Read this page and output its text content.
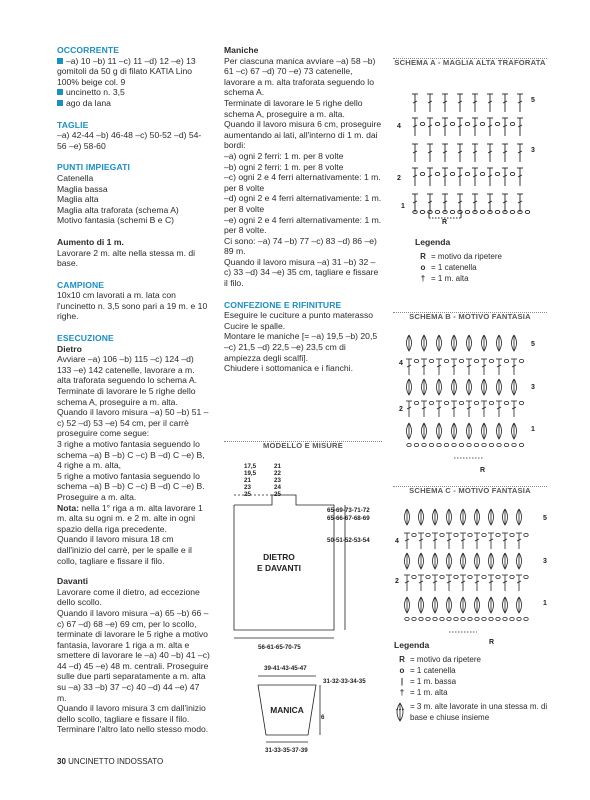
OCCORRENTE

–a) 10 –b) 11 –c) 11 –d) 12 –e) 13 gomitoli da 50 g di filato KATIA Lino 100% beige col. 9

uncinetto n. 3,5

ago da lana

TAGLIE

–a) 42-44 –b) 46-48 –c) 50-52 –d) 54-56 –e) 58-60

PUNTI IMPIEGATI

Catenella

Maglia bassa

Maglia alta

Maglia alta traforata (schema A)

Motivo fantasia (schemi B e C)

Aumento di 1 m.

Lavorare 2 m. alte nella stessa m. di base.

CAMPIONE

10x10 cm lavorati a m. lata con l'uncinetto n. 3,5 sono pari a 19 m. e 10 righe.

ESECUZIONE

Dietro

Avviare –a) 106 –b) 115 –c) 124 –d) 133 –e) 142 catenelle, lavorare a m. alta traforata seguendo lo schema A.

Terminate di lavorare le 5 righe dello schema A, proseguire a m. alta.

Quando il lavoro misura –a) 50 –b) 51 –c) 52 –d) 53 –e) 54 cm, per il carrè proseguire come segue:

3 righe a motivo fantasia seguendo lo schema –a) B –b) C –c) B –d) C –e) B,

4 righe a m. alta,

5 righe a motivo fantasia seguendo lo schema –a) B –b) C –c) B –d) C –e) B.

Proseguire a m. alta.

Nota: nella 1° riga a m. alta lavorare 1 m. alta su ogni m. e 2 m. alte in ogni spazio della riga precedente.

Quando il lavoro misura 18 cm dall'inizio del carrè, per le spalle e il collo, tagliare e fissare il filo.

Davanti

Lavorare come il dietro, ad eccezione dello scollo.

Quando il lavoro misura –a) 65 –b) 66 –c) 67 –d) 68 –e) 69 cm, per lo scollo, terminate di lavorare le 5 righe a motivo fantasia, lavorare 1 riga a m. alta e smettere di lavorare le –a) 40 –b) 41 –c) 44 –d) 45 –e) 48 m. centrali. Proseguire sulle due parti separatamente a m. alta su –a) 33 –b) 37 –c) 40 –d) 44 –e) 47 m.

Quando il lavoro misura 3 cm dall'inizio dello scollo, tagliare e fissare il filo.

Terminare l'altro lato nello stesso modo.

Maniche

Per ciascuna manica avviare –a) 58 –b) 61 –c) 67 –d) 70 –e) 73 catenelle, lavorare a m. alta traforata seguendo lo schema A.

Terminate di lavorare le 5 righe dello schema A, proseguire a m. alta.

Quando il lavoro misura 6 cm, proseguire aumentando ai lati, all'interno di 1 m. dai bordi:

–a) ogni 2 ferri: 1 m. per 8 volte

–b) ogni 2 ferri: 1 m. per 8 volte

–c) ogni 2 e 4 ferri alternativamente: 1 m. per 8 volte

–d) ogni 2 e 4 ferri alternativamente: 1 m. per 8 volte

–e) ogni 2 e 4 ferri alternativamente: 1 m. per 8 volte.

Ci sono: –a) 74 –b) 77 –c) 83 –d) 86 –e) 89 m.

Quando il lavoro misura –a) 31 –b) 32 –c) 33 –d) 34 –e) 35 cm, tagliare e fissare il filo.

CONFEZIONE E RIFINITURE

Eseguire le cuciture a punto materasso

Cucire le spalle.

Montare le maniche [= –a) 19,5 –b) 20,5 –c) 21,5 –d) 22,5 –e) 23,5 cm di ampiezza degli scalfi].

Chiudere i sottomanica e i fianchi.

MODELLO E MISURE
17,5
19,5
21
23
25
21
22
23
24
25
65-69-73-71-72
65-66-67-68-69
50-51-52-53-54
56-61-65-70-75
39-41-43-45-47
31-32-33-34-35
6
31-33-35-37-39
DIETRO
E DAVANTI
MANICA
SCHEMA A - MAGLIA ALTA TRAFORATA
1
2
3
4
5
R
Legenda
R = motivo da ripetere
o = 1 catenella
† = 1 m. alta
SCHEMA B - MOTIVO FANTASIA
1
2
3
4
5
R
SCHEMA C - MOTIVO FANTASIA
1
2
3
4
5
R
Legenda
R = motivo da ripetere
o = 1 catenella
| = 1 m. bassa
† = 1 m. alta
= 3 m. alte lavorate in una stessa m. di base e chiuse insieme
30 UNCINETTO INDOSSATO
